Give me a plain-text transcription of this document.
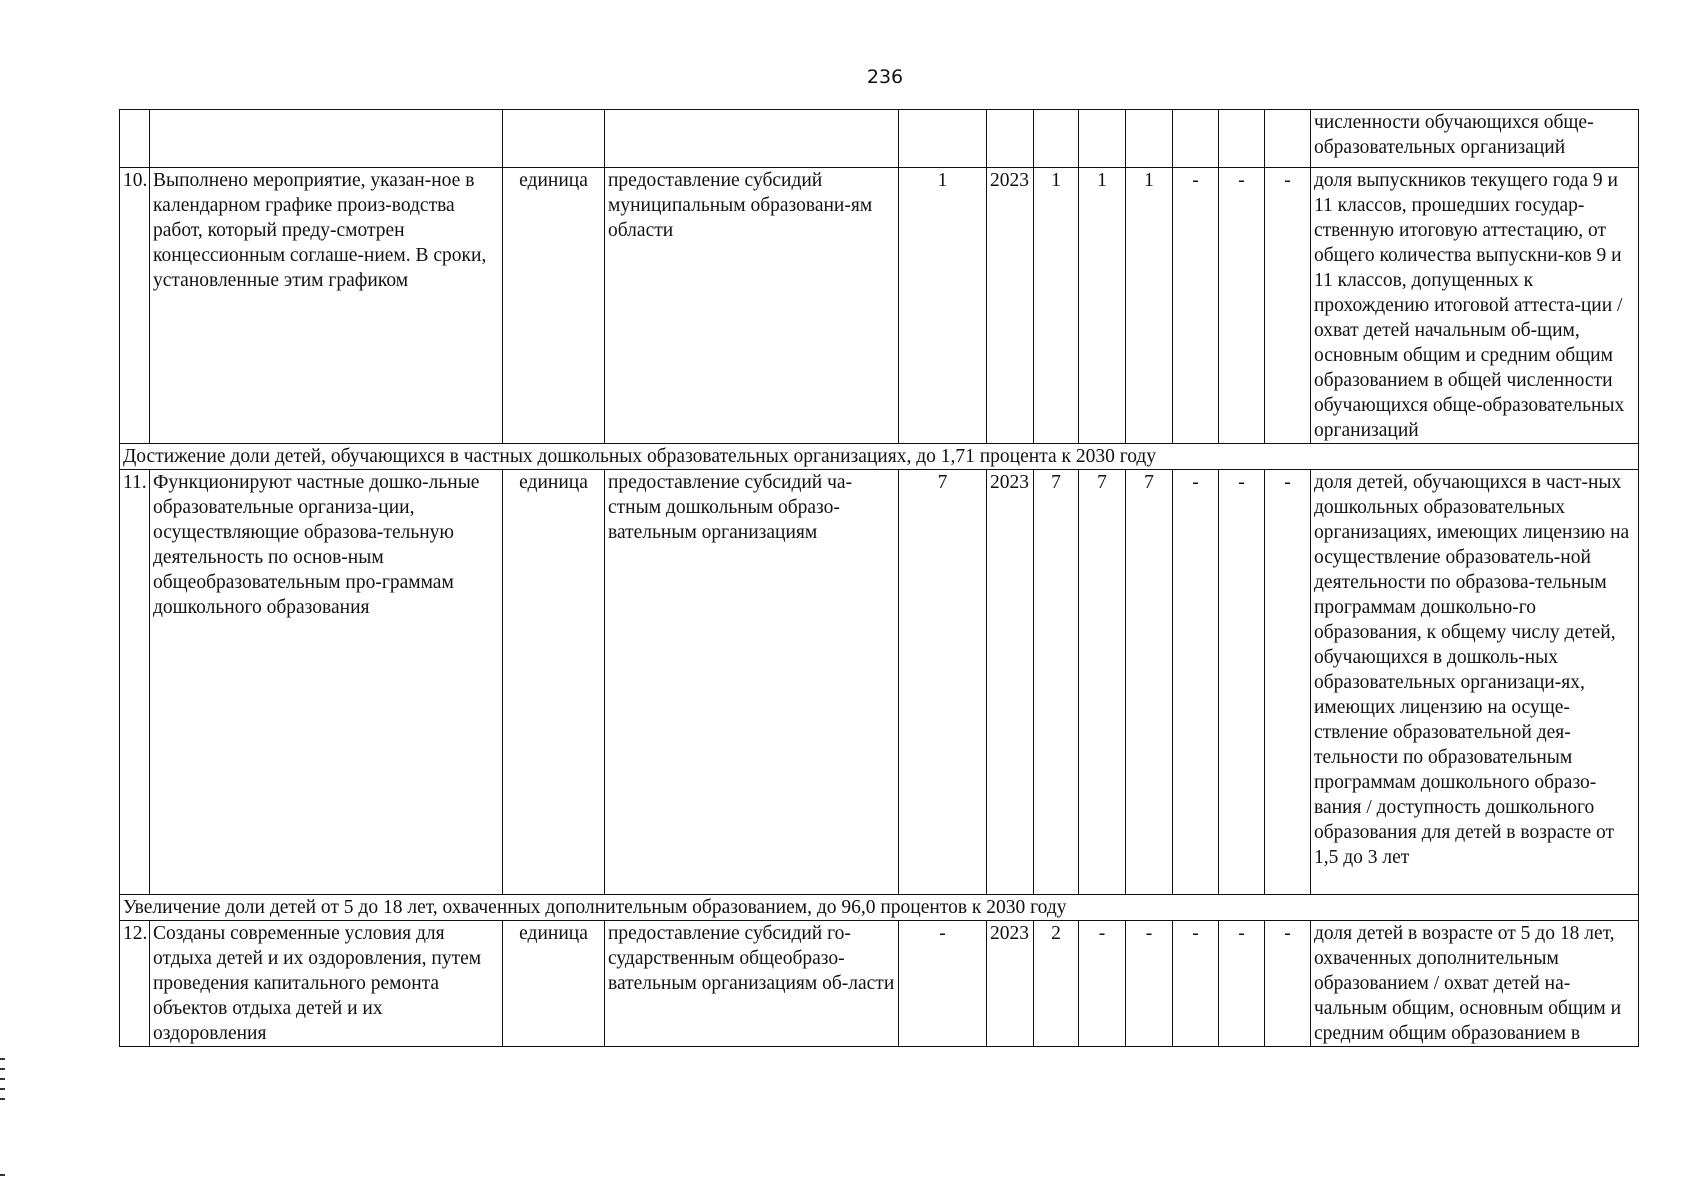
236
												численности обучающихся обще-образовательных организаций
10.	Выполнено мероприятие, указан-ное в календарном графике произ-водства работ, который преду-смотрен концессионным соглаше-нием. В сроки, установленные этим графиком	единица	предоставление субсидий муниципальным образовани-ям области	1	2023	1	1	1	-	-	-	доля выпускников текущего года 9 и 11 классов, прошедших государ-ственную итоговую аттестацию, от общего количества выпускни-ков 9 и 11 классов, допущенных к прохождению итоговой аттеста-ции / охват детей начальным об-щим, основным общим и средним общим образованием в общей численности обучающихся обще-образовательных организаций
Достижение доли детей, обучающихся в частных дошкольных образовательных организациях, до 1,71 процента к 2030 году												
11.	Функционируют частные дошко-льные образовательные организа-ции, осуществляющие образова-тельную деятельность по основ-ным общеобразовательным про-граммам дошкольного образования	единица	предоставление субсидий ча-стным дошкольным образо-вательным организациям	7	2023	7	7	7	-	-	-	доля детей, обучающихся в част-ных дошкольных образовательных организациях, имеющих лицензию на осуществление образователь-ной деятельности по образова-тельным программам дошкольно-го образования, к общему числу детей, обучающихся в дошколь-ных образовательных организаци-ях, имеющих лицензию на осуще-ствление образовательной дея-тельности по образовательным программам дошкольного образо-вания / доступность дошкольного образования для детей в возрасте от 1,5 до 3 лет
Увеличение доли детей от 5 до 18 лет, охваченных дополнительным образованием, до 96,0 процентов к 2030 году												
12.	Созданы современные условия для отдыха детей и их оздоровления, путем проведения капитального ремонта объектов отдыха детей и их оздоровления	единица	предоставление субсидий го-сударственным общеобразо-вательным организациям об-ласти	-	2023	2	-	-	-	-	-	доля детей в возрасте от 5 до 18 лет, охваченных дополнительным образованием / охват детей на-чальным общим, основным общим и средним общим образованием в
